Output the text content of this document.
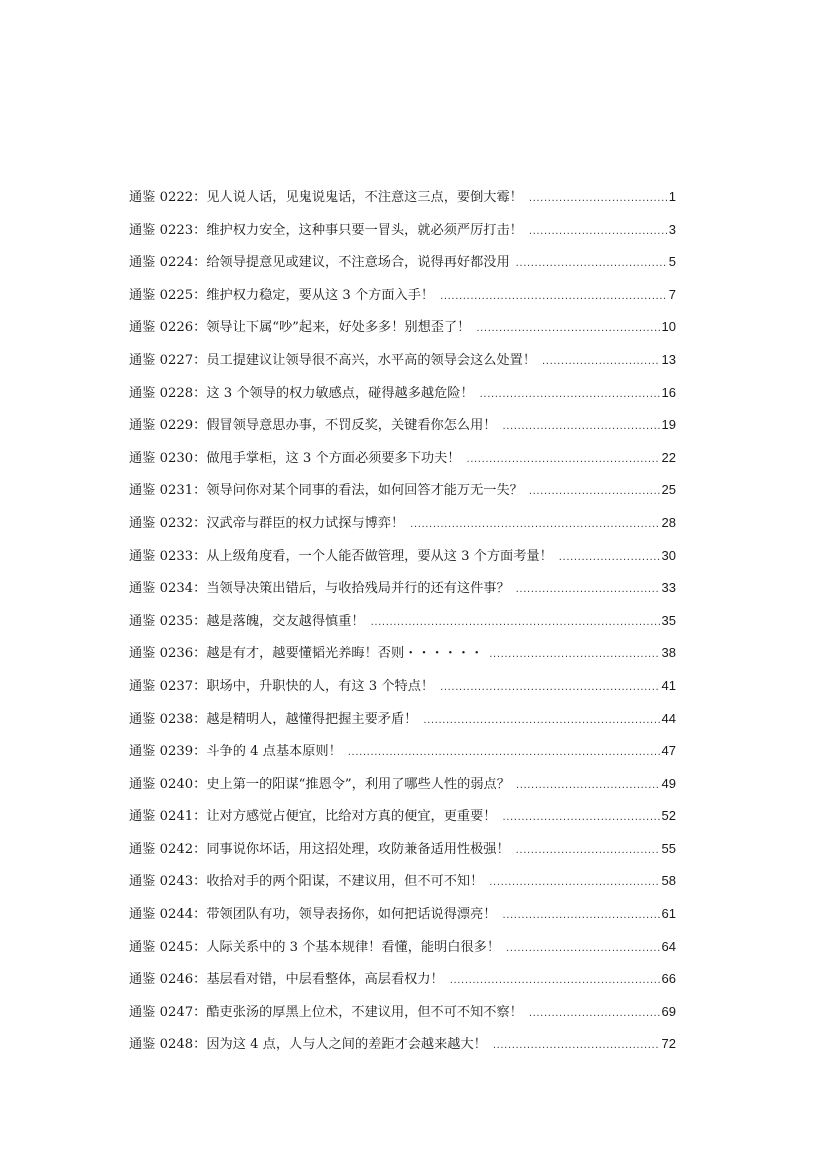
通鉴 0222：见人说人话，见鬼说鬼话，不注意这三点，要倒大霉！ .....	1
通鉴 0223：维护权力安全，这种事只要一冒头，就必须严厉打击！ .....	3
通鉴 0224：给领导提意见或建议，不注意场合，说得再好都没用 .....	5
通鉴 0225：维护权力稳定，要从这 3 个方面入手！ .....	7
通鉴 0226：领导让下属“吵”起来，好处多多！别想歪了！ .....	10
通鉴 0227：员工提建议让领导很不高兴，水平高的领导会这么处置！ .....	13
通鉴 0228：这 3 个领导的权力敏感点，碰得越多越危险！ .....	16
通鉴 0229：假冒领导意思办事，不罚反奖，关键看你怎么用！ .....	19
通鉴 0230：做甩手掌柜，这 3 个方面必须要多下功夫！ .....	22
通鉴 0231：领导问你对某个同事的看法，如何回答才能万无一失？ .....	25
通鉴 0232：汉武帝与群臣的权力试探与博弈！ .....	28
通鉴 0233：从上级角度看，一个人能否做管理，要从这 3 个方面考量！ .....	30
通鉴 0234：当领导决策出错后，与收拾残局并行的还有这件事？ .....	33
通鉴 0235：越是落魄，交友越得慎重！ .....	35
通鉴 0236：越是有才，越要懂韬光养晦！否则・・・・・・ .....	38
通鉴 0237：职场中，升职快的人，有这 3 个特点！ .....	41
通鉴 0238：越是精明人，越懂得把握主要矛盾！ .....	44
通鉴 0239：斗争的 4 点基本原则！ .....	47
通鉴 0240：史上第一的阳谋“推恩令”，利用了哪些人性的弱点？ .....	49
通鉴 0241：让对方感觉占便宜，比给对方真的便宜，更重要！ .....	52
通鉴 0242：同事说你坏话，用这招处理，攻防兼备适用性极强！ .....	55
通鉴 0243：收拾对手的两个阳谋，不建议用，但不可不知！ .....	58
通鉴 0244：带领团队有功，领导表扬你，如何把话说得漂亮！ .....	61
通鉴 0245：人际关系中的 3 个基本规律！看懂，能明白很多！ .....	64
通鉴 0246：基层看对错，中层看整体，高层看权力！ .....	66
通鉴 0247：酷吏张汤的厚黑上位术，不建议用，但不可不知不察！ .....	69
通鉴 0248：因为这 4 点，人与人之间的差距才会越来越大！ .....	72
